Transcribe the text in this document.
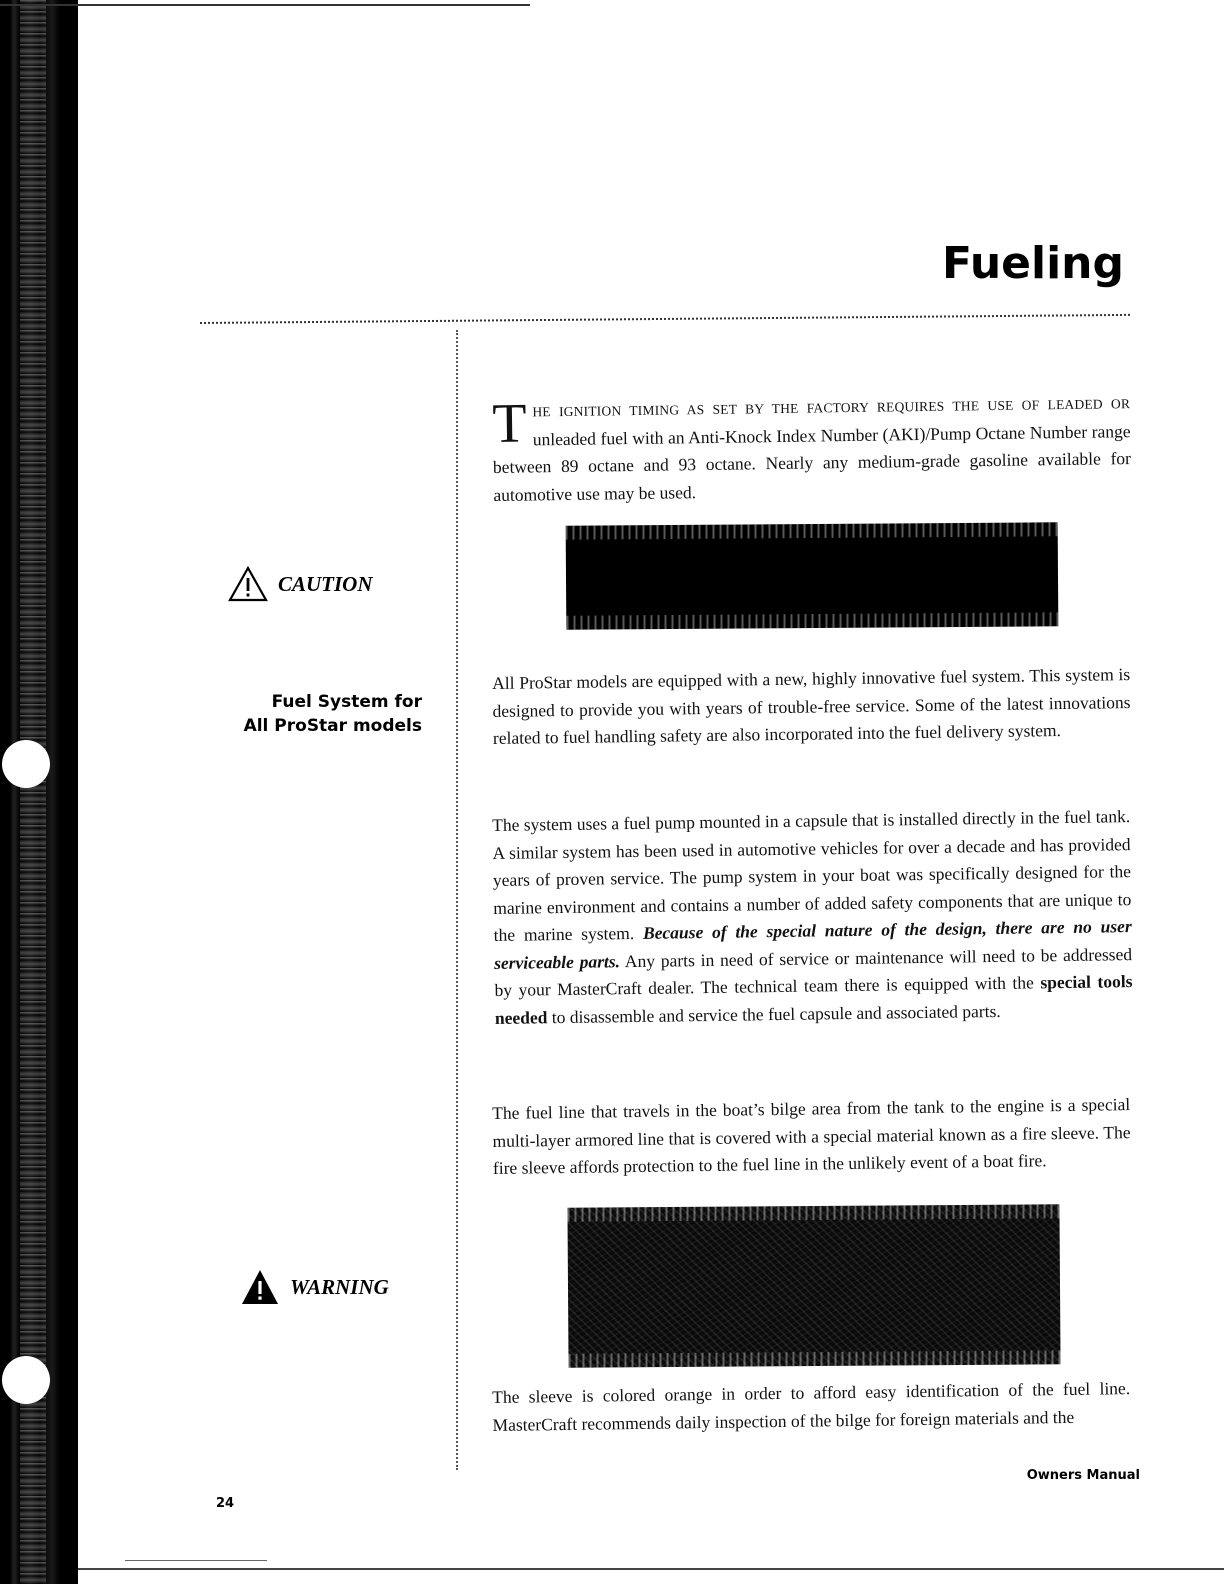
Fueling
CAUTION
Fuel System for
All ProStar models
WARNING

THE IGNITION TIMING AS SET BY THE FACTORY REQUIRES THE USE OF LEADED OR unleaded fuel with an Anti-Knock Index Number (AKI)/Pump Octane Number range between 89 octane and 93 octane. Nearly any medium-grade gasoline available for automotive use may be used.

All ProStar models are equipped with a new, highly innovative fuel system. This system is designed to provide you with years of trouble-free service. Some of the latest innovations related to fuel handling safety are also incorporated into the fuel delivery system.

The system uses a fuel pump mounted in a capsule that is installed directly in the fuel tank. A similar system has been used in automotive vehicles for over a decade and has provided years of proven service. The pump system in your boat was specifically designed for the marine environment and contains a number of added safety components that are unique to the marine system. Because of the special nature of the design, there are no user serviceable parts. Any parts in need of service or maintenance will need to be addressed by your MasterCraft dealer. The technical team there is equipped with the special tools needed to disassemble and service the fuel capsule and associated parts.

The fuel line that travels in the boat’s bilge area from the tank to the engine is a special multi-layer armored line that is covered with a special material known as a fire sleeve. The fire sleeve affords protection to the fuel line in the unlikely event of a boat fire.

The sleeve is colored orange in order to afford easy identification of the fuel line. MasterCraft recommends daily inspection of the bilge for foreign materials and the

Owners Manual
24
